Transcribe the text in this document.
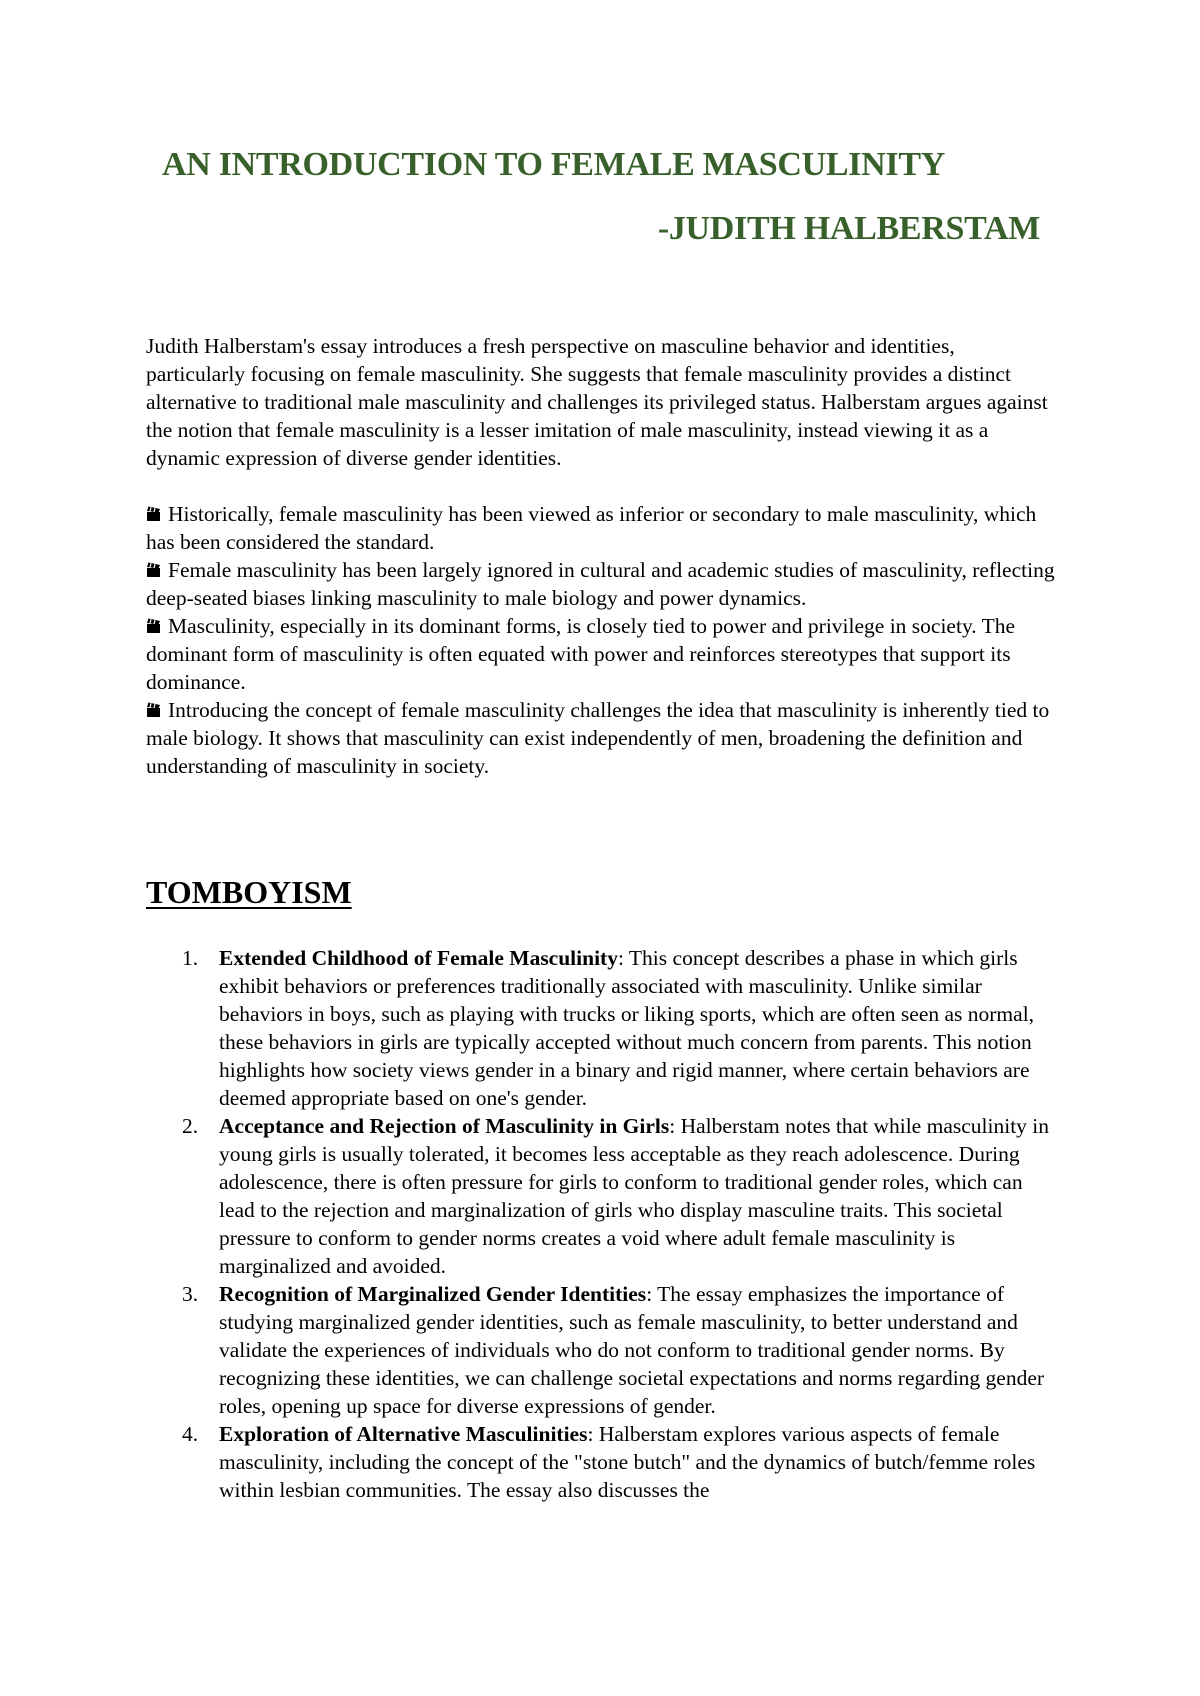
AN INTRODUCTION TO FEMALE MASCULINITY
-JUDITH HALBERSTAM
Judith Halberstam's essay introduces a fresh perspective on masculine behavior and identities, particularly focusing on female masculinity. She suggests that female masculinity provides a distinct alternative to traditional male masculinity and challenges its privileged status. Halberstam argues against the notion that female masculinity is a lesser imitation of male masculinity, instead viewing it as a dynamic expression of diverse gender identities.

Historically, female masculinity has been viewed as inferior or secondary to male masculinity, which has been considered the standard.

Female masculinity has been largely ignored in cultural and academic studies of masculinity, reflecting deep-seated biases linking masculinity to male biology and power dynamics.

Masculinity, especially in its dominant forms, is closely tied to power and privilege in society. The dominant form of masculinity is often equated with power and reinforces stereotypes that support its dominance.

Introducing the concept of female masculinity challenges the idea that masculinity is inherently tied to male biology. It shows that masculinity can exist independently of men, broadening the definition and understanding of masculinity in society.

TOMBOYISM
1. Extended Childhood of Female Masculinity: This concept describes a phase in which girls exhibit behaviors or preferences traditionally associated with masculinity. Unlike similar behaviors in boys, such as playing with trucks or liking sports, which are often seen as normal, these behaviors in girls are typically accepted without much concern from parents. This notion highlights how society views gender in a binary and rigid manner, where certain behaviors are deemed appropriate based on one's gender.
2. Acceptance and Rejection of Masculinity in Girls: Halberstam notes that while masculinity in young girls is usually tolerated, it becomes less acceptable as they reach adolescence. During adolescence, there is often pressure for girls to conform to traditional gender roles, which can lead to the rejection and marginalization of girls who display masculine traits. This societal pressure to conform to gender norms creates a void where adult female masculinity is marginalized and avoided.
3. Recognition of Marginalized Gender Identities: The essay emphasizes the importance of studying marginalized gender identities, such as female masculinity, to better understand and validate the experiences of individuals who do not conform to traditional gender norms. By recognizing these identities, we can challenge societal expectations and norms regarding gender roles, opening up space for diverse expressions of gender.
4. Exploration of Alternative Masculinities: Halberstam explores various aspects of female masculinity, including the concept of the "stone butch" and the dynamics of butch/femme roles within lesbian communities. The essay also discusses the
